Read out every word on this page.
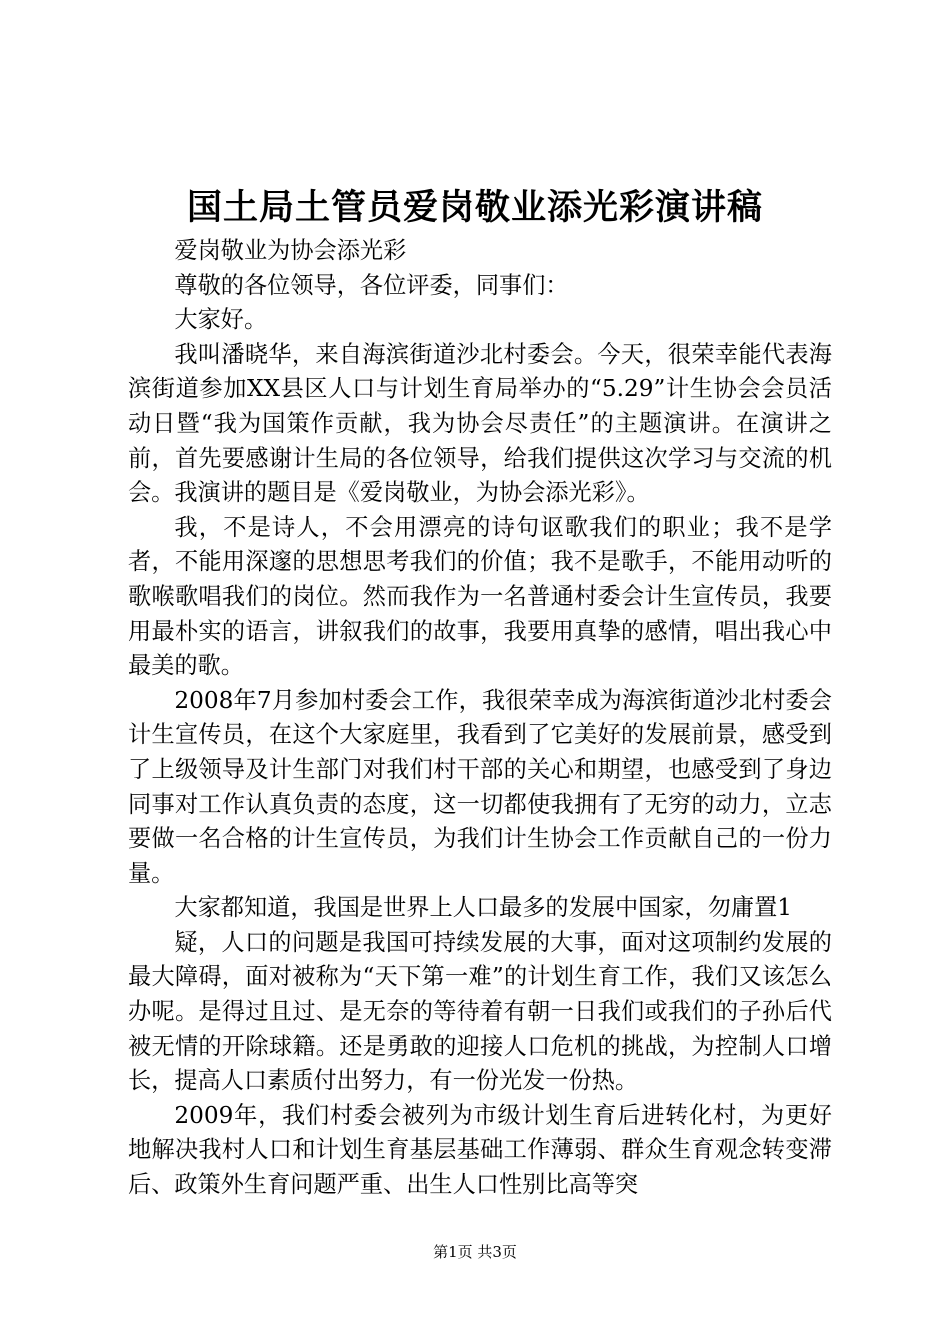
国土局土管员爱岗敬业添光彩演讲稿

爱岗敬业为协会添光彩

尊敬的各位领导，各位评委，同事们：

大家好。

我叫潘晓华，来自海滨街道沙北村委会。今天，很荣幸能代表海滨街道参加XX县区人口与计划生育局举办的“5.29”计生协会会员活动日暨“我为国策作贡献，我为协会尽责任”的主题演讲。在演讲之前，首先要感谢计生局的各位领导，给我们提供这次学习与交流的机会。我演讲的题目是《爱岗敬业，为协会添光彩》。

我，不是诗人，不会用漂亮的诗句讴歌我们的职业；我不是学者，不能用深邃的思想思考我们的价值；我不是歌手，不能用动听的歌喉歌唱我们的岗位。然而我作为一名普通村委会计生宣传员，我要用最朴实的语言，讲叙我们的故事，我要用真挚的感情，唱出我心中最美的歌。

2008年7月参加村委会工作，我很荣幸成为海滨街道沙北村委会计生宣传员，在这个大家庭里，我看到了它美好的发展前景，感受到了上级领导及计生部门对我们村干部的关心和期望，也感受到了身边同事对工作认真负责的态度，这一切都使我拥有了无穷的动力，立志要做一名合格的计生宣传员，为我们计生协会工作贡献自己的一份力量。

大家都知道，我国是世界上人口最多的发展中国家，勿庸置1

疑，人口的问题是我国可持续发展的大事，面对这项制约发展的最大障碍，面对被称为“天下第一难”的计划生育工作，我们又该怎么办呢。是得过且过、是无奈的等待着有朝一日我们或我们的子孙后代被无情的开除球籍。还是勇敢的迎接人口危机的挑战，为控制人口增长，提高人口素质付出努力，有一份光发一份热。

2009年，我们村委会被列为市级计划生育后进转化村，为更好地解决我村人口和计划生育基层基础工作薄弱、群众生育观念转变滞后、政策外生育问题严重、出生人口性别比高等突

第1页 共3页
